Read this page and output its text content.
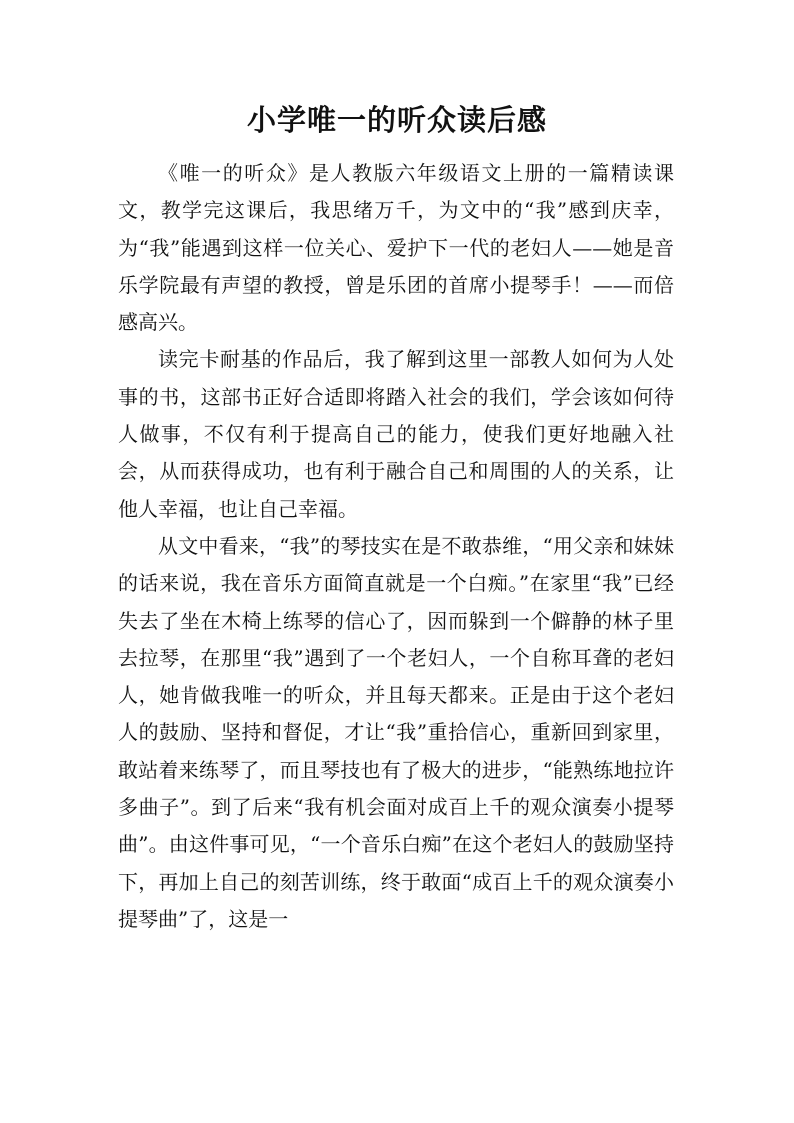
小学唯一的听众读后感

《唯一的听众》是人教版六年级语文上册的一篇精读课文，教学完这课后，我思绪万千，为文中的“我”感到庆幸，为“我”能遇到这样一位关心、爱护下一代的老妇人——她是音乐学院最有声望的教授，曾是乐团的首席小提琴手！——而倍感高兴。

读完卡耐基的作品后，我了解到这里一部教人如何为人处事的书，这部书正好合适即将踏入社会的我们，学会该如何待人做事，不仅有利于提高自己的能力，使我们更好地融入社会，从而获得成功，也有利于融合自己和周围的人的关系，让他人幸福，也让自己幸福。

从文中看来，“我”的琴技实在是不敢恭维，“用父亲和妹妹的话来说，我在音乐方面简直就是一个白痴。”在家里“我”已经失去了坐在木椅上练琴的信心了，因而躲到一个僻静的林子里去拉琴，在那里“我”遇到了一个老妇人，一个自称耳聋的老妇人，她肯做我唯一的听众，并且每天都来。正是由于这个老妇人的鼓励、坚持和督促，才让“我”重拾信心，重新回到家里，敢站着来练琴了，而且琴技也有了极大的进步，“能熟练地拉许多曲子”。到了后来“我有机会面对成百上千的观众演奏小提琴曲”。由这件事可见，“一个音乐白痴”在这个老妇人的鼓励坚持下，再加上自己的刻苦训练，终于敢面“成百上千的观众演奏小提琴曲”了，这是一
